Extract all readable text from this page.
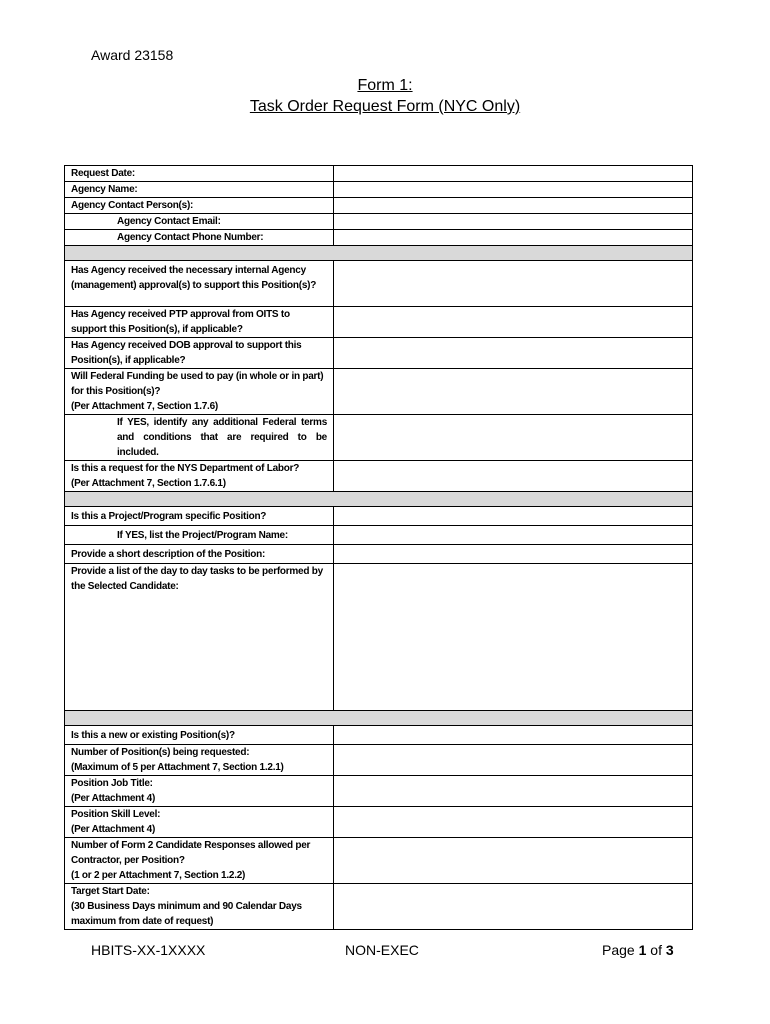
Award 23158
Form 1:
Task Order Request Form (NYC Only)
Request Date:	
Agency Name:	
Agency Contact Person(s):	
Agency Contact Email:	
Agency Contact Phone Number:	

Has Agency received the necessary internal Agency (management) approval(s) to support this Position(s)?	

Has Agency received PTP approval from OITS to support this Position(s), if applicable?	
Has Agency received DOB approval to support this Position(s), if applicable?	

Will Federal Funding be used to pay (in whole or in part) for this Position(s)?
(Per Attachment 7, Section 1.7.6)	

If YES, identify any additional Federal terms and conditions that are required to be included.	

Is this a request for the NYS Department of Labor?
(Per Attachment 7, Section 1.7.6.1)	

Is this a Project/Program specific Position?	
If YES, list the Project/Program Name:	
Provide a short description of the Position:	
Provide a list of the day to day tasks to be performed by the Selected Candidate:	

Is this a new or existing Position(s)?	

Number of Position(s) being requested:
(Maximum of 5 per Attachment 7, Section 1.2.1)	

Position Job Title:
(Per Attachment 4)	

Position Skill Level:
(Per Attachment 4)	

Number of Form 2 Candidate Responses allowed per Contractor, per Position?
(1 or 2 per Attachment 7, Section 1.2.2)	

Target Start Date:
(30 Business Days minimum and 90 Calendar Days maximum from date of request)	

HBITS-XX-1XXXX	NON-EXEC	Page 1 of 3
